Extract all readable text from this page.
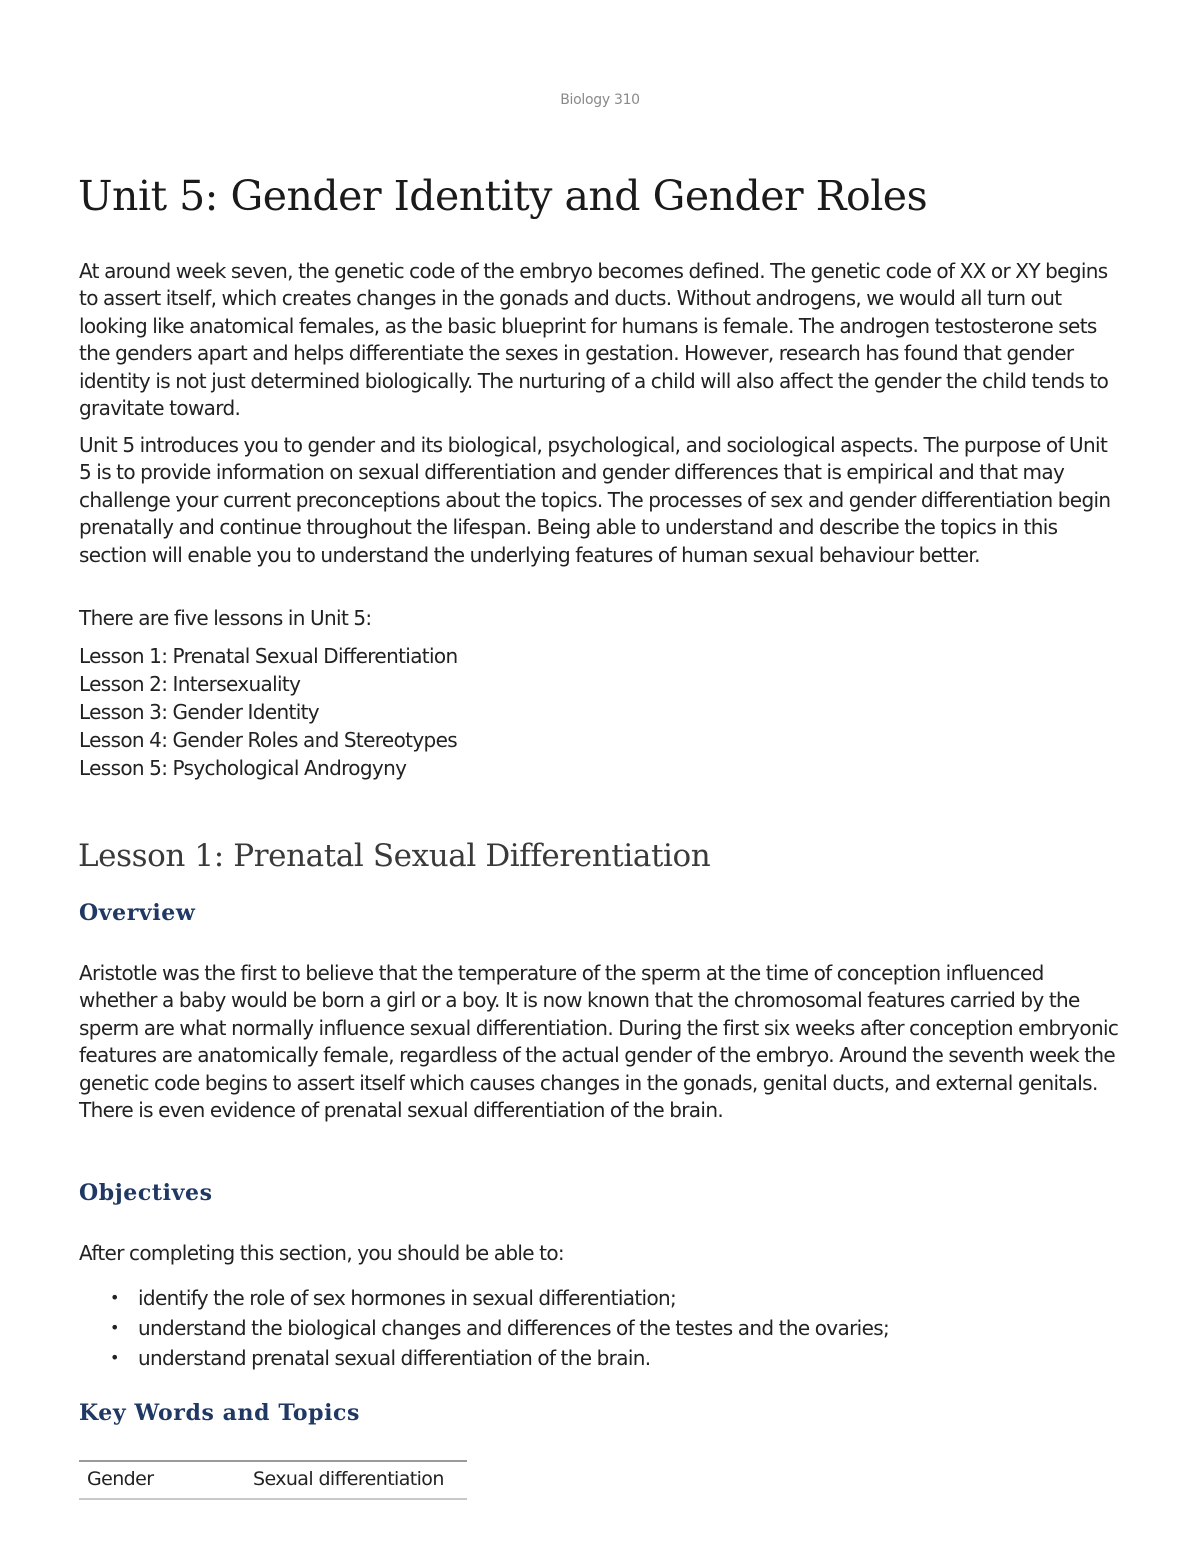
Biology 310
Unit 5: Gender Identity and Gender Roles

At around week seven, the genetic code of the embryo becomes defined. The genetic code of XX or XY begins to assert itself, which creates changes in the gonads and ducts. Without androgens, we would all turn out looking like anatomical females, as the basic blueprint for humans is female. The androgen testosterone sets the genders apart and helps differentiate the sexes in gestation. However, research has found that gender identity is not just determined biologically. The nurturing of a child will also affect the gender the child tends to gravitate toward.

Unit 5 introduces you to gender and its biological, psychological, and sociological aspects. The purpose of Unit 5 is to provide information on sexual differentiation and gender differences that is empirical and that may challenge your current preconceptions about the topics. The processes of sex and gender differentiation begin prenatally and continue throughout the lifespan. Being able to understand and describe the topics in this section will enable you to understand the underlying features of human sexual behaviour better.

There are five lessons in Unit 5:

Lesson 1: Prenatal Sexual Differentiation
Lesson 2: Intersexuality
Lesson 3: Gender Identity
Lesson 4: Gender Roles and Stereotypes
Lesson 5: Psychological Androgyny
Lesson 1: Prenatal Sexual Differentiation
Overview

Aristotle was the first to believe that the temperature of the sperm at the time of conception influenced whether a baby would be born a girl or a boy. It is now known that the chromosomal features carried by the sperm are what normally influence sexual differentiation. During the first six weeks after conception embryonic features are anatomically female, regardless of the actual gender of the embryo. Around the seventh week the genetic code begins to assert itself which causes changes in the gonads, genital ducts, and external genitals. There is even evidence of prenatal sexual differentiation of the brain.

Objectives

After completing this section, you should be able to:

• identify the role of sex hormones in sexual differentiation;
• understand the biological changes and differences of the testes and the ovaries;
• understand prenatal sexual differentiation of the brain.
Key Words and Topics
Gender	Sexual differentiation
